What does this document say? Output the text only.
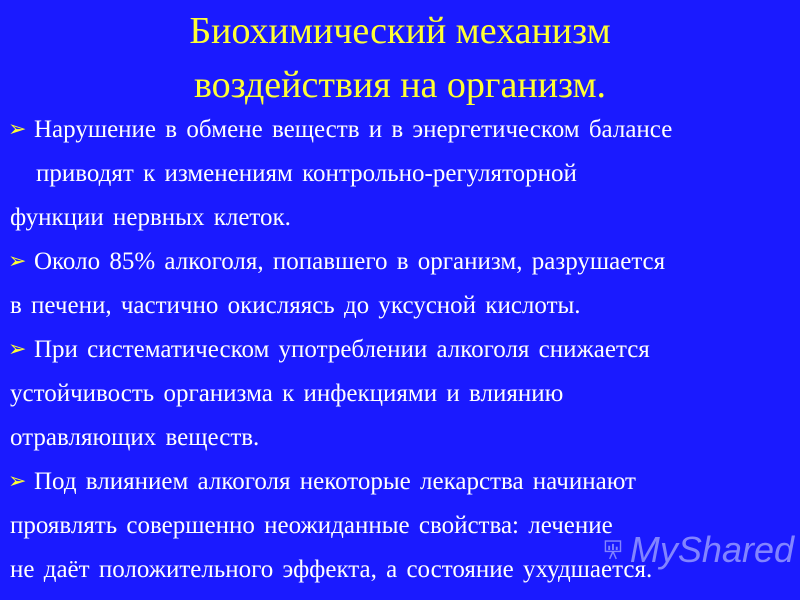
Биохимический механизм
воздействия на организм.
➢ Нарушение в обмене веществ и в энергетическом балансе
приводят к изменениям контрольно-регуляторной
функции нервных клеток.
➢ Около 85% алкоголя, попавшего в организм, разрушается
в печени, частично окисляясь до уксусной кислоты.
➢ При систематическом употреблении алкоголя снижается
устойчивость организма к инфекциями и влиянию
отравляющих веществ.
➢ Под влиянием алкоголя некоторые лекарства начинают
проявлять совершенно неожиданные свойства: лечение
не даёт положительного эффекта, а состояние ухудшается.
MyShared
